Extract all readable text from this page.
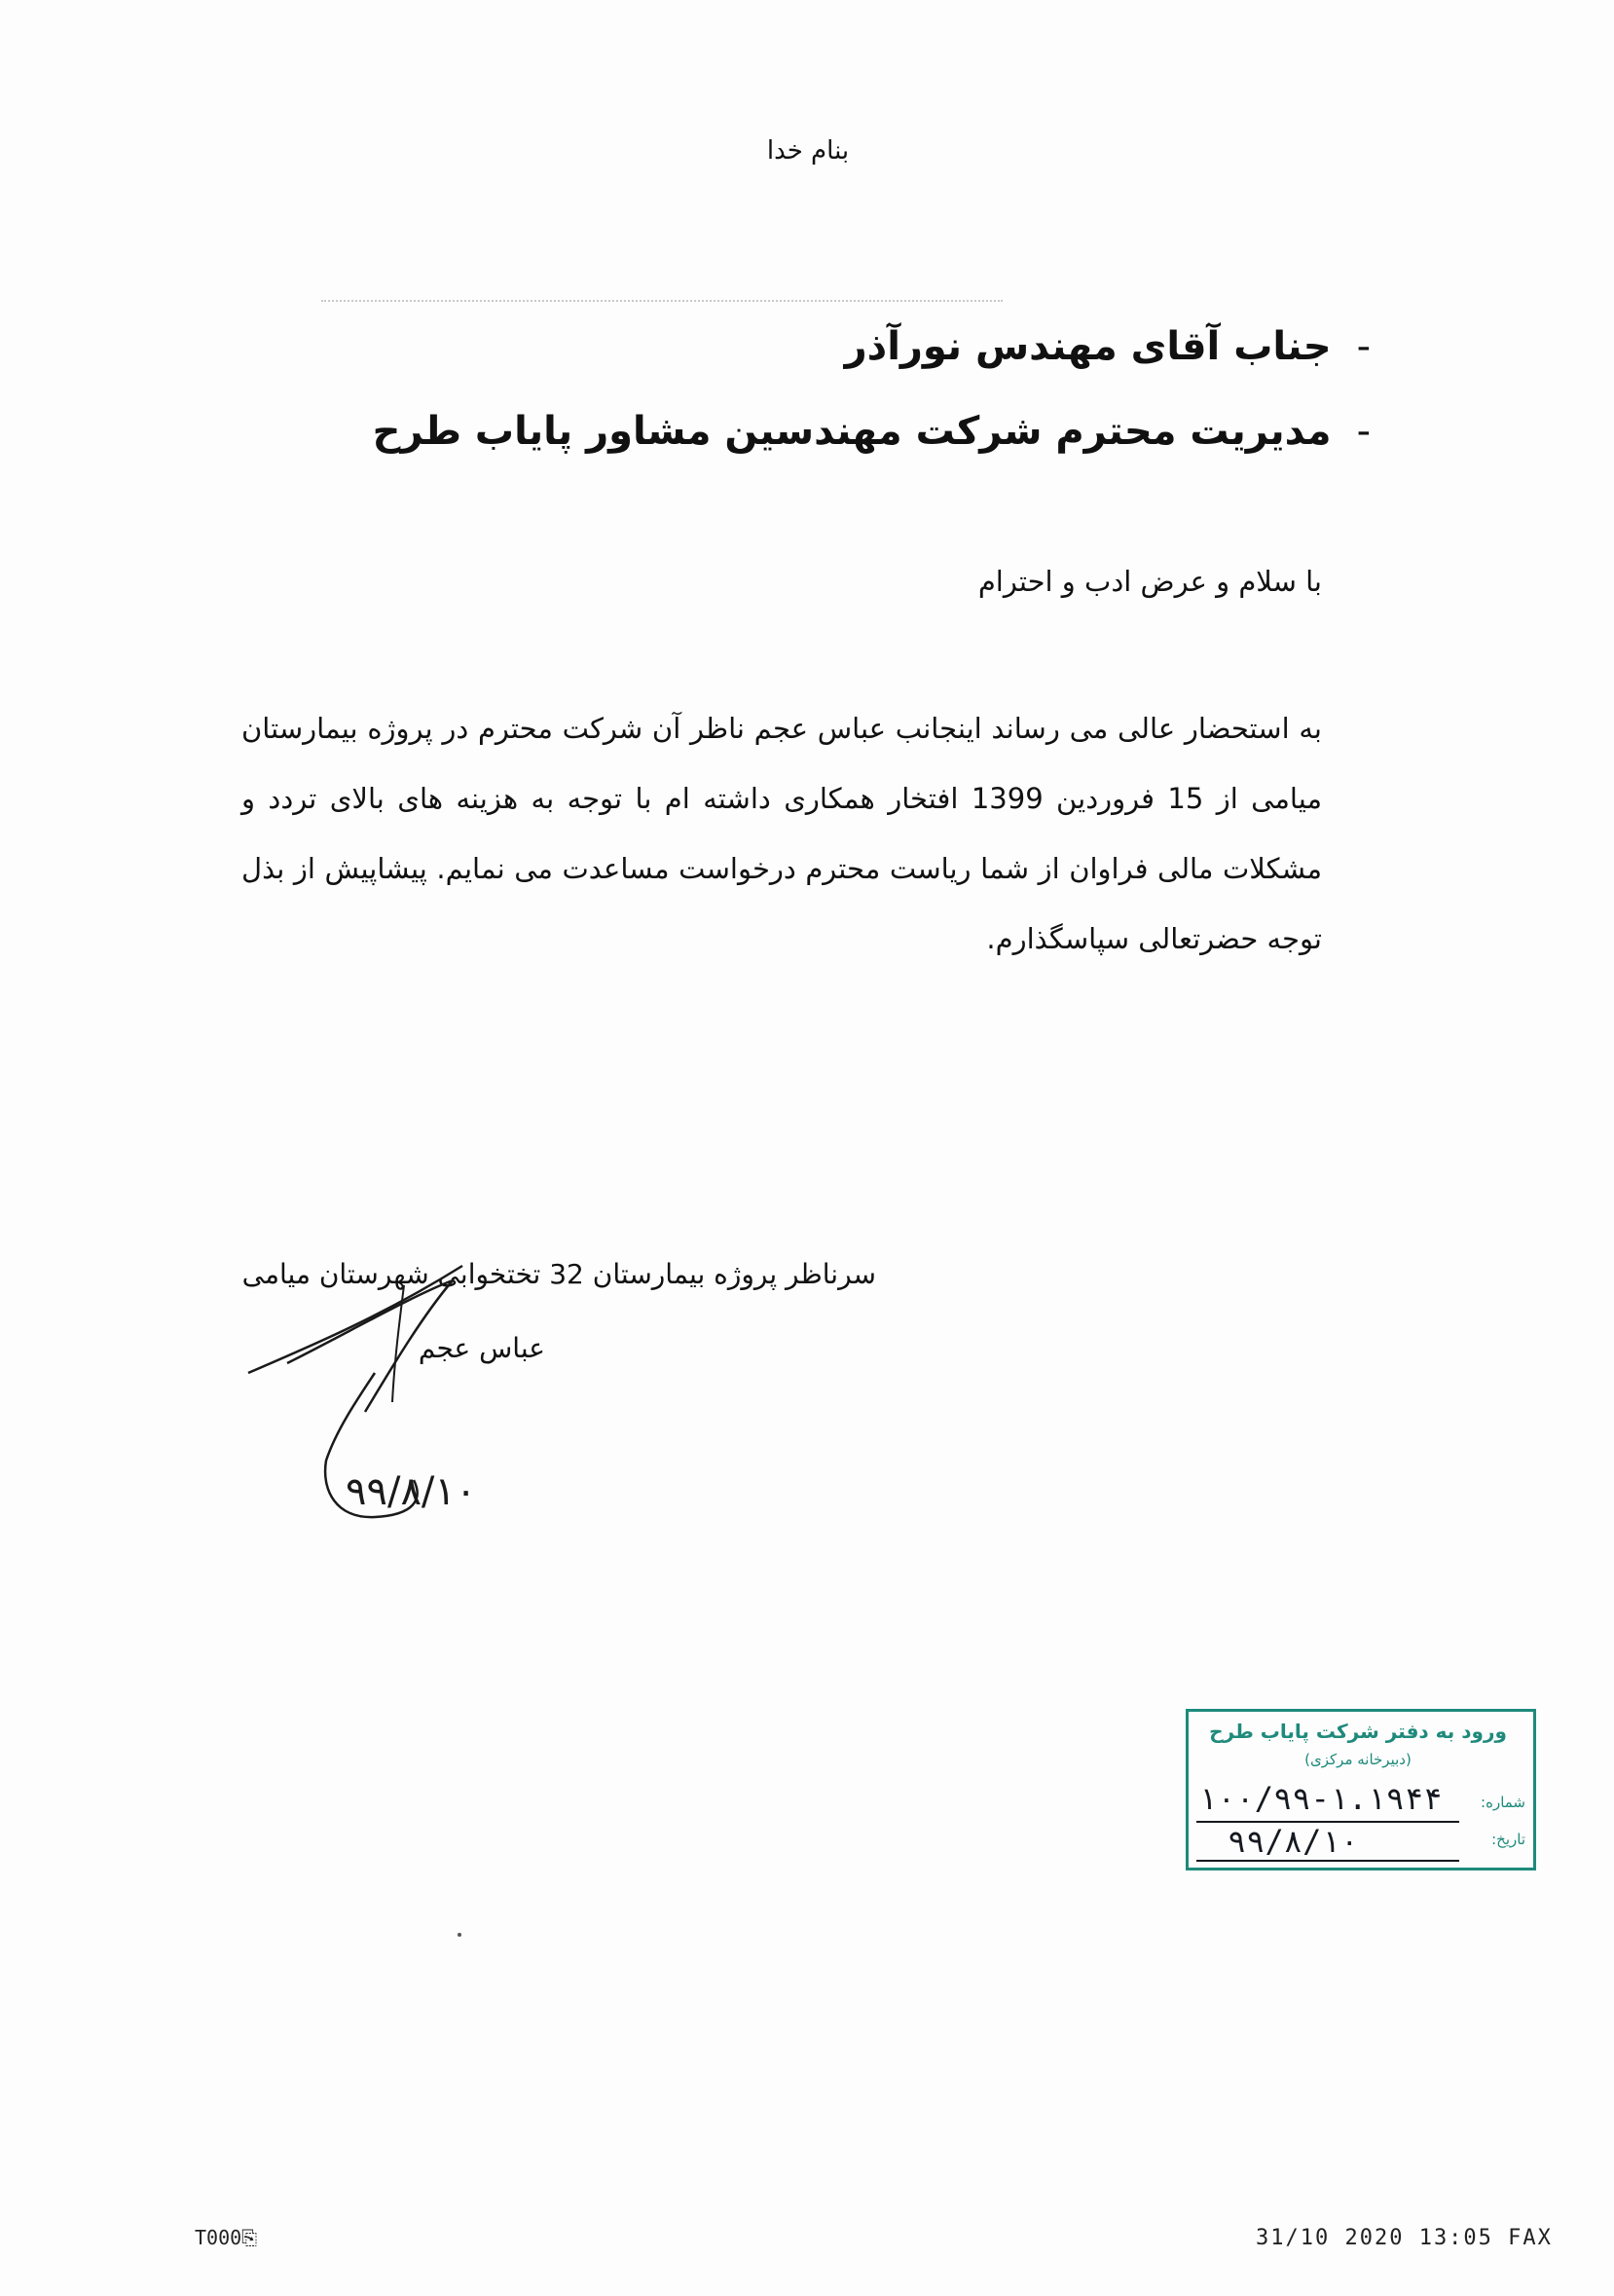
بنام خدا
-جناب آقای مهندس نورآذر
-مدیریت محترم شرکت مهندسین مشاور پایاب طرح
با سلام و عرض ادب و احترام
به استحضار عالی می رساند اینجانب عباس عجم ناظر آن شرکت محترم در پروژه بیمارستان میامی از 15 فروردین 1399 افتخار همکاری داشته ام با توجه به هزینه های بالای تردد و مشکلات مالی فراوان از شما ریاست محترم درخواست مساعدت می نمایم. پیشاپیش از بذل توجه حضرتعالی سپاسگذارم.
سرناظر پروژه بیمارستان 32 تختخوابی شهرستان میامی
عباس عجم
۹۹/۸/۱۰
ورود به دفتر شرکت پایاب طرح
(دبیرخانه مرکزی)
شماره:
تاریخ:
۱۰۰/۹۹-۱.۱۹۴۴
۹۹/۸/۱۰
T000⎘	31/10 2020 13:05 FAX
